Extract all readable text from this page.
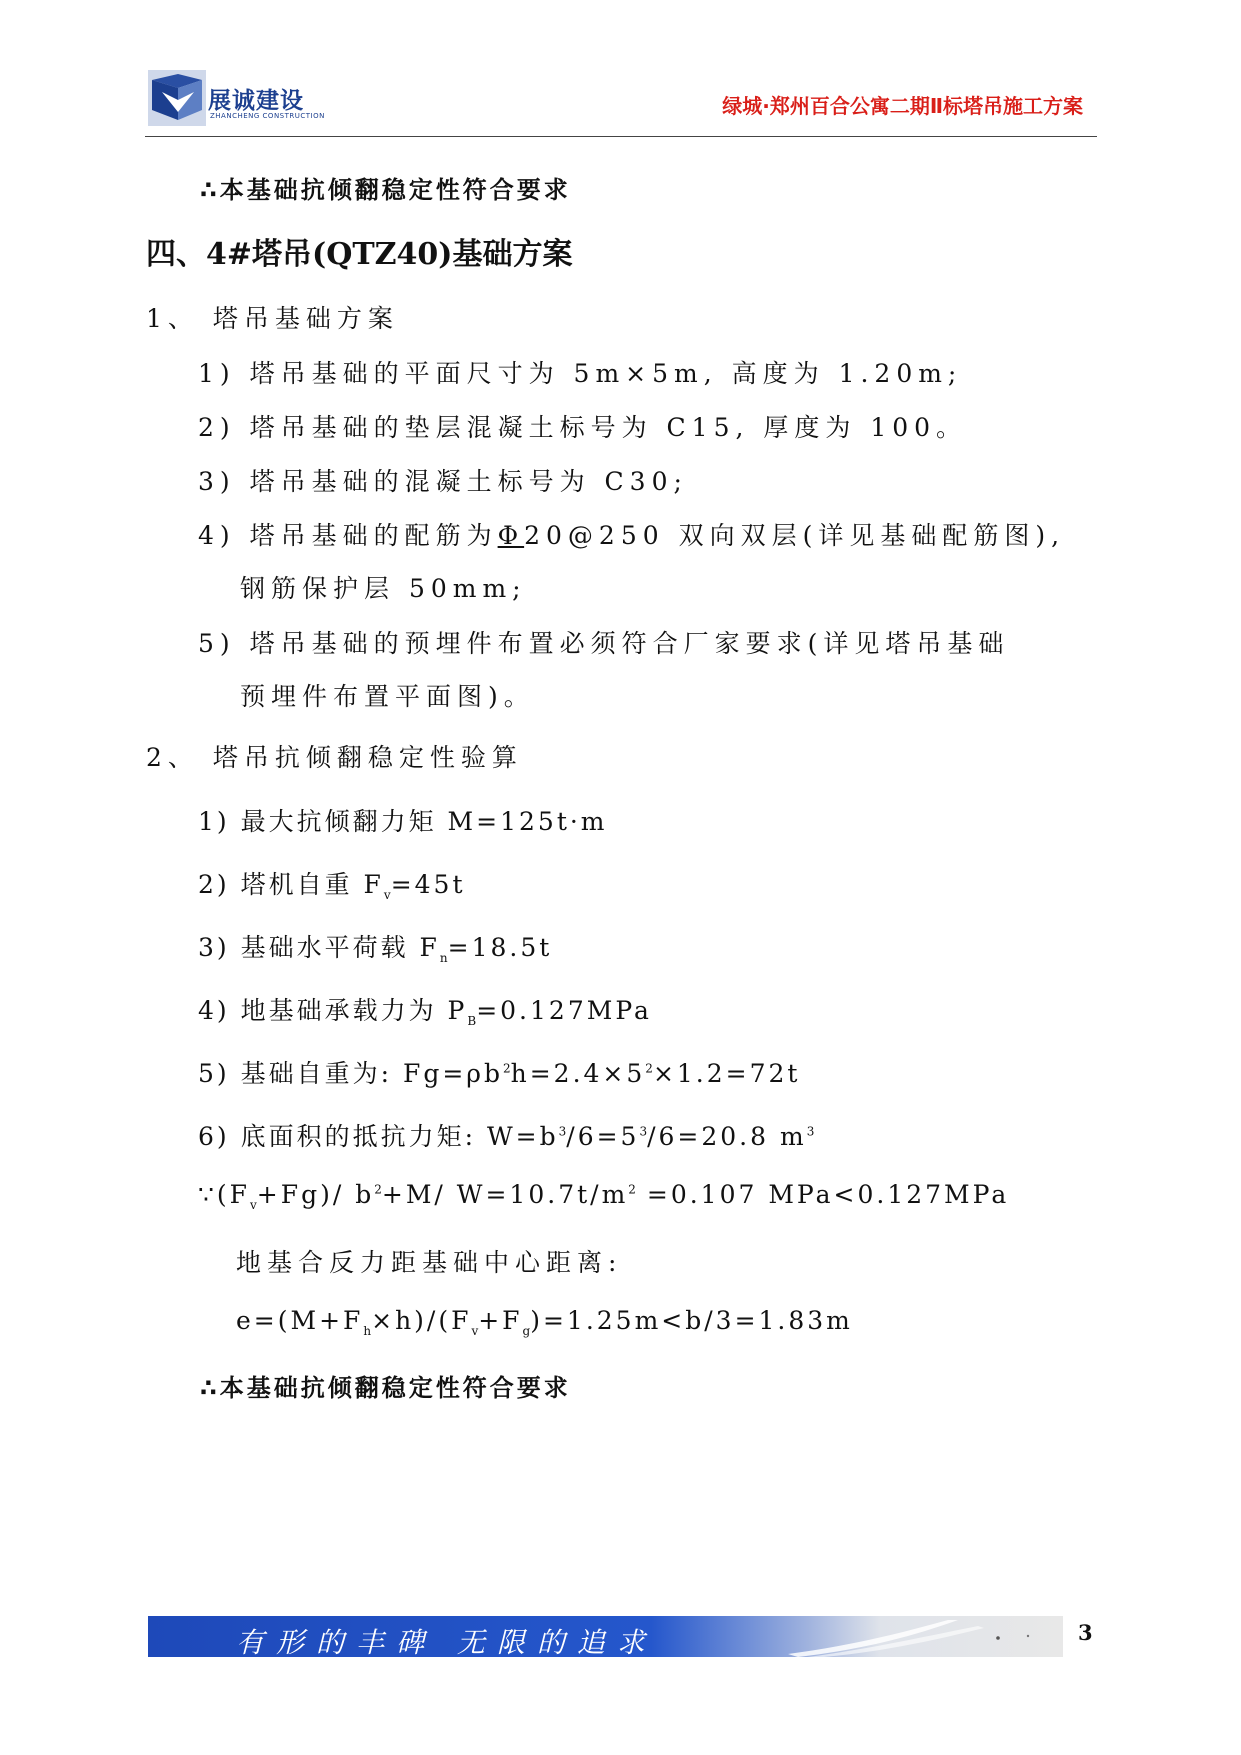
展诚建设
ZHANCHENG CONSTRUCTION	绿城·郑州百合公寓二期Ⅱ标塔吊施工方案
∴本基础抗倾翻稳定性符合要求
四、4#塔吊(QTZ40)基础方案
1、 塔吊基础方案
1) 塔吊基础的平面尺寸为 5m×5m, 高度为 1.20m;
2) 塔吊基础的垫层混凝土标号为 C15, 厚度为 100。
3) 塔吊基础的混凝土标号为 C30;
4) 塔吊基础的配筋为Φ20@250 双向双层(详见基础配筋图),
钢筋保护层 50mm;
5) 塔吊基础的预埋件布置必须符合厂家要求(详见塔吊基础
预埋件布置平面图)。
2、 塔吊抗倾翻稳定性验算
1) 最大抗倾翻力矩 M=125t·m
2) 塔机自重 $F_v=45t$
3) 基础水平荷载 $F_n=18.5t$
4) 地基础承载力为 $P_B=0.127MPa$
5) 基础自重为: $Fg=\rho b^2h=2.4\times 5^2\times 1.2=72t$
6) 底面积的抵抗力矩: $W=b^3/6=5^3/6=20.8$ $m^3$
$\because(F_v+Fg)/$ $b^2+M/$ $W=10.7t/m^2 =0.107$ MPa<0.127MPa
地基合反力距基础中心距离:
$e=(M+F_h\times h)/(F_v+F_g)=1.25m<b/3=1.83m$
∴本基础抗倾翻稳定性符合要求
有形的丰碑 无限的追求	3
